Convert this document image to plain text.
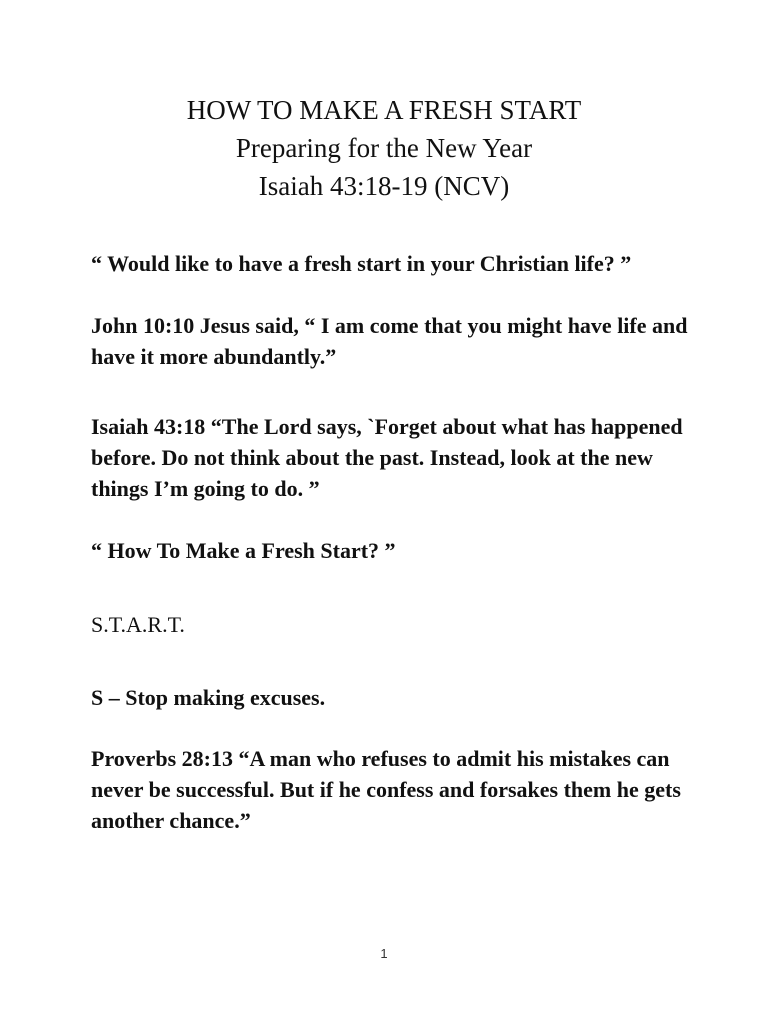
HOW TO MAKE A FRESH START
Preparing for the New Year
Isaiah 43:18-19 (NCV)

“ Would like to have a fresh start in your Christian life? ”

John 10:10 Jesus said, “ I am come that you might have life and have it more abundantly.”

Isaiah 43:18 “The Lord says, `Forget about what has happened before. Do not think about the past. Instead, look at the new things I’m going to do. ”

“ How To Make a Fresh Start? ”

S.T.A.R.T.

S – Stop making excuses.

Proverbs 28:13 “A man who refuses to admit his mistakes can never be successful. But if he confess and forsakes them he gets another chance.”

1
